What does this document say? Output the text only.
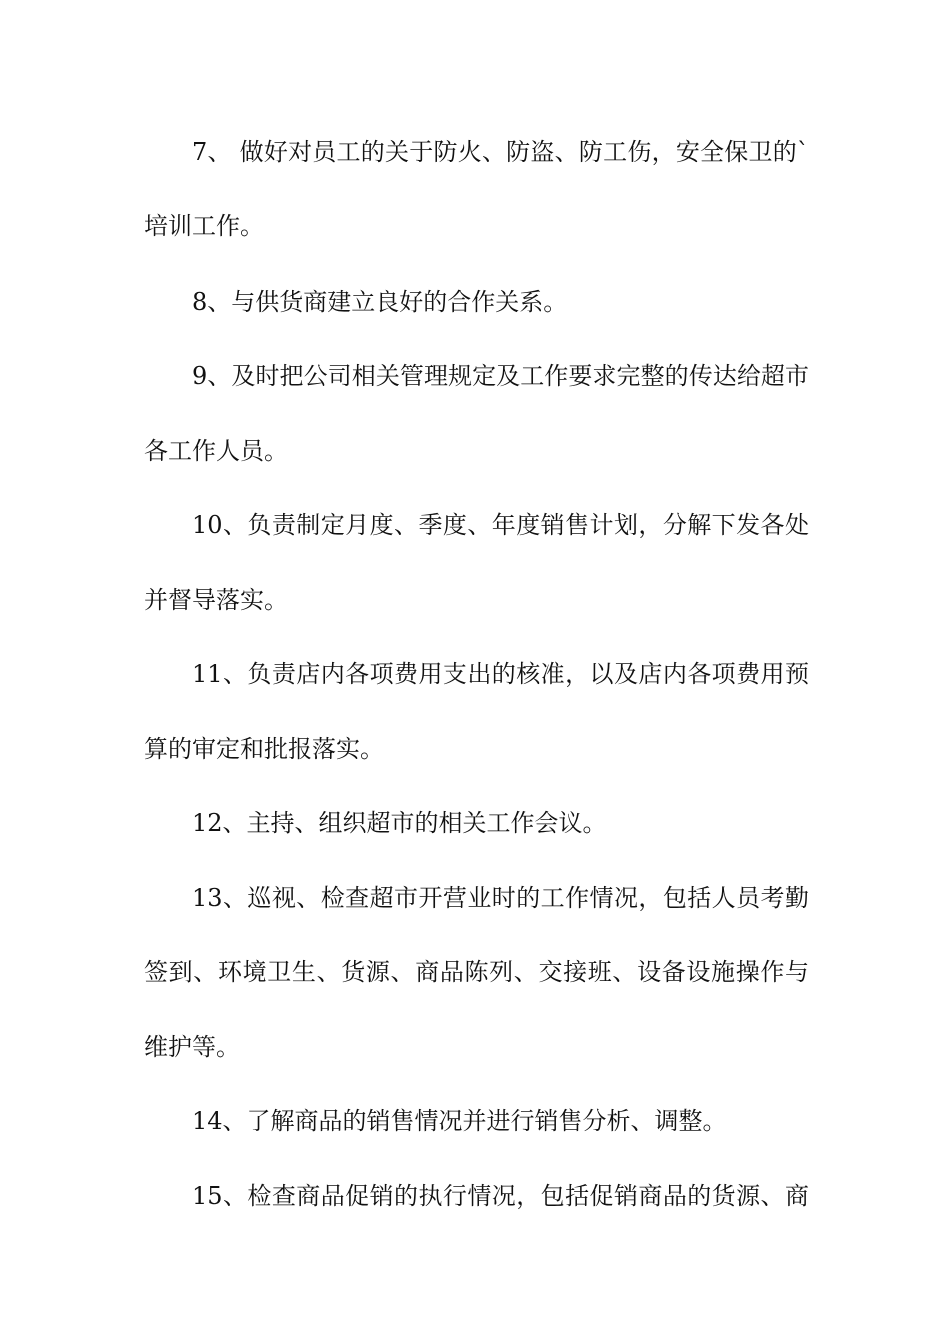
7、 做好对员工的关于防火、防盗、防工伤，安全保卫的`
培训工作。
8、与供货商建立良好的合作关系。
9、及时把公司相关管理规定及工作要求完整的传达给超市
各工作人员。
10、负责制定月度、季度、年度销售计划，分解下发各处
并督导落实。
11、负责店内各项费用支出的核准，以及店内各项费用预
算的审定和批报落实。
12、主持、组织超市的相关工作会议。
13、巡视、检查超市开营业时的工作情况，包括人员考勤
签到、环境卫生、货源、商品陈列、交接班、设备设施操作与
维护等。
14、了解商品的销售情况并进行销售分析、调整。
15、检查商品促销的执行情况，包括促销商品的货源、商
